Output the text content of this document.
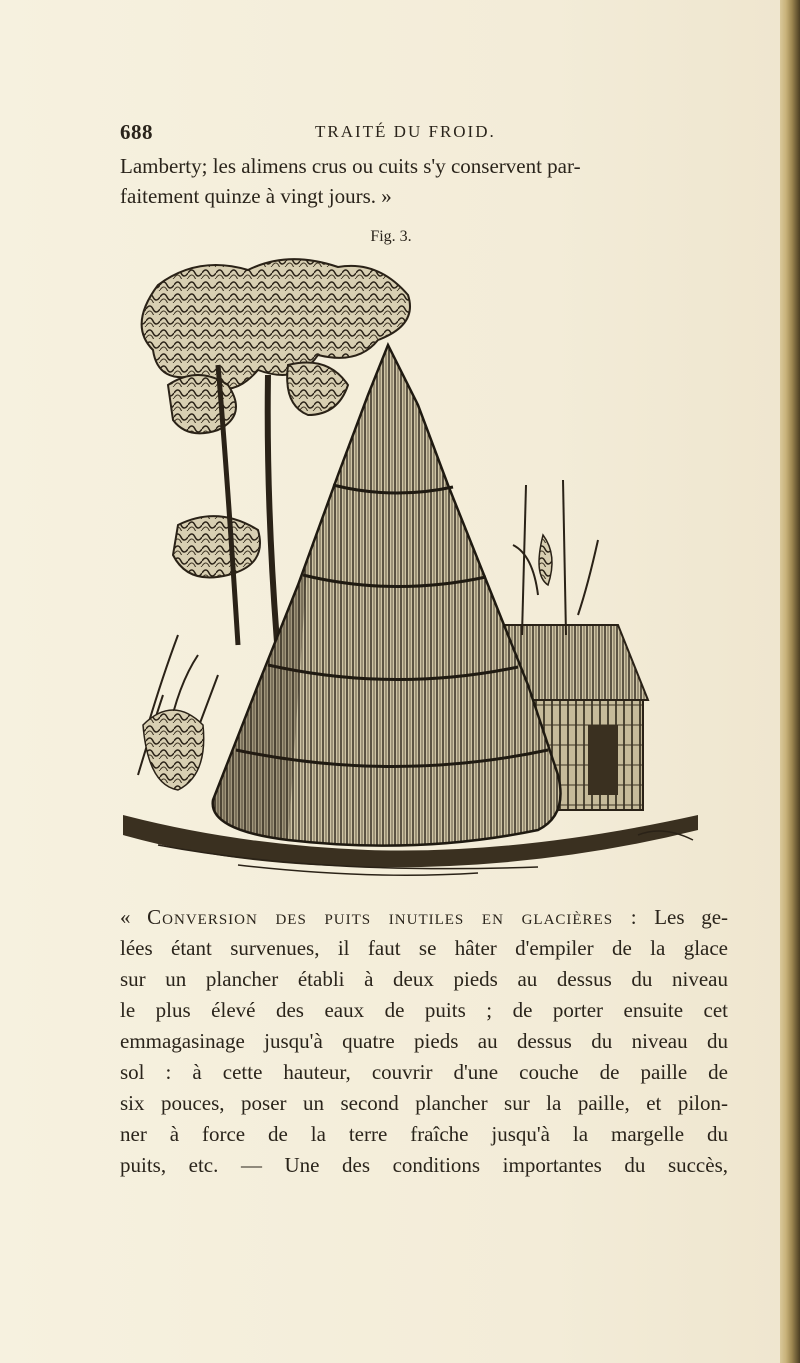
688	TRAITÉ DU FROID.
Lamberty; les alimens crus ou cuits s'y conservent par-
faitement quinze à vingt jours. »
Fig. 3.
« Conversion des puits inutiles en glacières : Les ge-
lées étant survenues, il faut se hâter d'empiler de la glace
sur un plancher établi à deux pieds au dessus du niveau
le plus élevé des eaux de puits ; de porter ensuite cet
emmagasinage jusqu'à quatre pieds au dessus du niveau du
sol : à cette hauteur, couvrir d'une couche de paille de
six pouces, poser un second plancher sur la paille, et pilon-
ner à force de la terre fraîche jusqu'à la margelle du
puits, etc. — Une des conditions importantes du succès,
